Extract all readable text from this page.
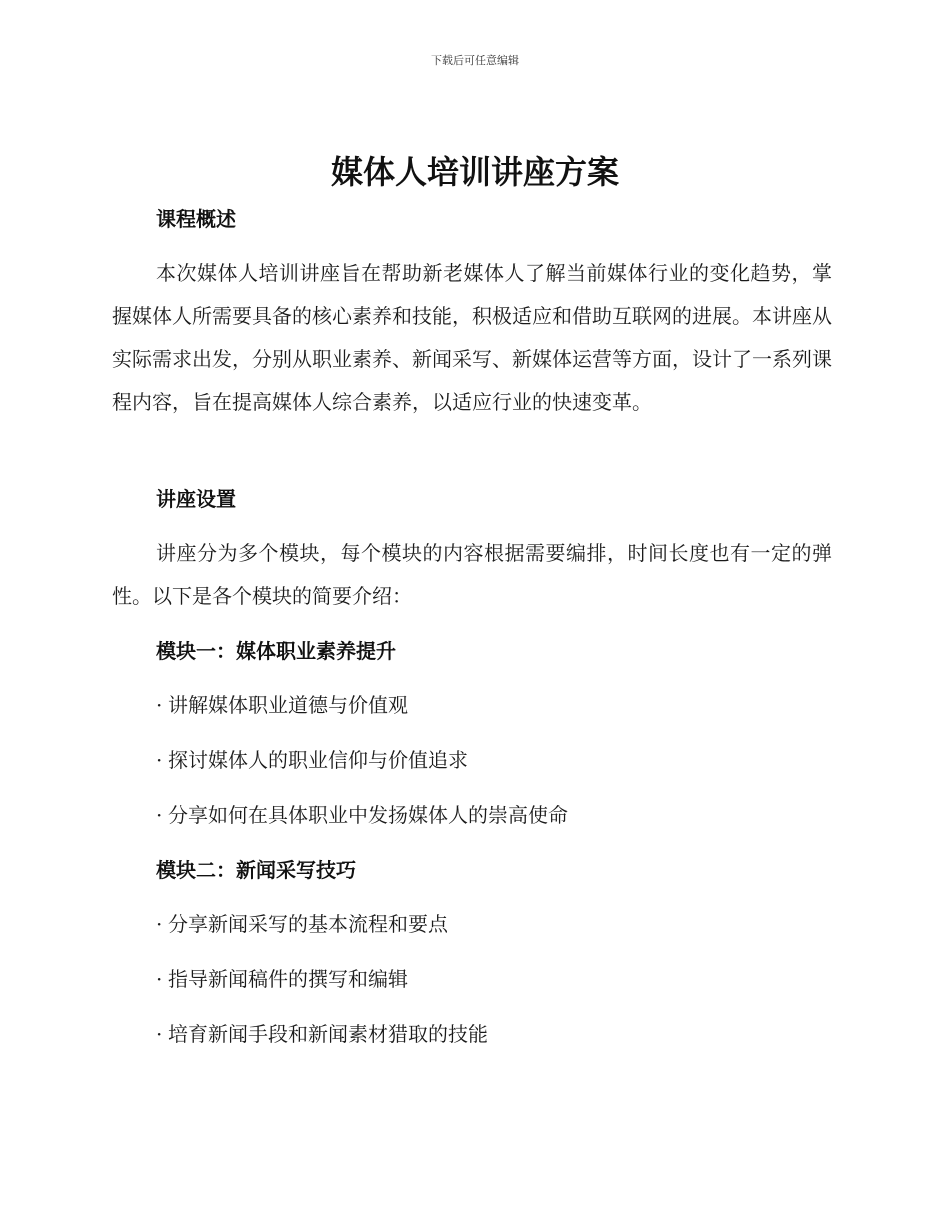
下载后可任意编辑
媒体人培训讲座方案
课程概述
本次媒体人培训讲座旨在帮助新老媒体人了解当前媒体行业的变化趋势，掌握媒体人所需要具备的核心素养和技能，积极适应和借助互联网的进展。本讲座从实际需求出发，分别从职业素养、新闻采写、新媒体运营等方面，设计了一系列课程内容，旨在提高媒体人综合素养，以适应行业的快速变革。
讲座设置
讲座分为多个模块，每个模块的内容根据需要编排，时间长度也有一定的弹性。以下是各个模块的简要介绍：
模块一：媒体职业素养提升
· 讲解媒体职业道德与价值观
· 探讨媒体人的职业信仰与价值追求
· 分享如何在具体职业中发扬媒体人的崇高使命
模块二：新闻采写技巧
· 分享新闻采写的基本流程和要点
· 指导新闻稿件的撰写和编辑
· 培育新闻手段和新闻素材猎取的技能
